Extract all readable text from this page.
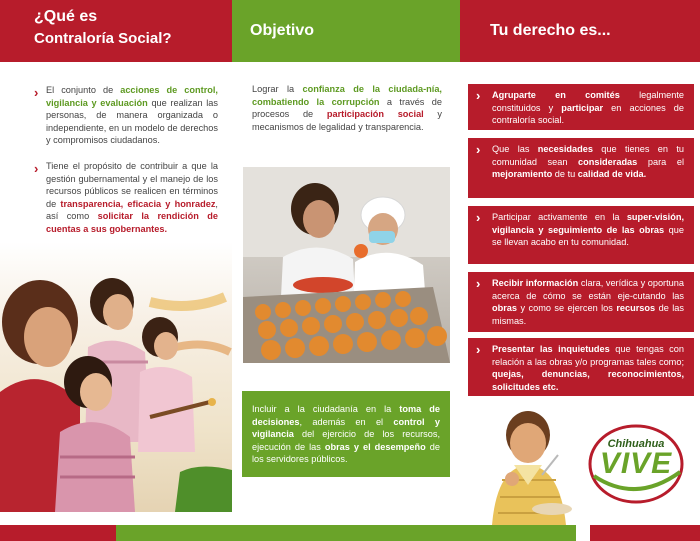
¿Qué es
Contraloría Social?
› El conjunto de acciones de control, vigilancia y evaluación que realizan las personas, de manera organizada o independiente, en un modelo de derechos y compromisos ciudadanos.
› Tiene el propósito de contribuir a que la gestión gubernamental y el manejo de los recursos públicos se realicen en términos de transparencia, eficacia y honradez, así como solicitar la rendición de cuentas a sus gobernantes.
Objetivo
Lograr la confianza de la ciudada-nía, combatiendo la corrupción a través de procesos de participación social y mecanismos de legalidad y transparencia.
Incluir a la ciudadanía en la toma de decisiones, además en el control y vigilancia del ejercicio de los recursos, ejecución de las obras y el desempeño de los servidores públicos.
Tu derecho es...
› Agruparte en comités legalmente constituidos y participar en acciones de contraloría social.
› Que las necesidades que tienes en tu comunidad sean consideradas para el mejoramiento de tu calidad de vida.
› Participar activamente en la super-visión, vigilancia y seguimiento de las obras que se llevan acabo en tu comunidad.
› Recibir información clara, verídica y oportuna acerca de cómo se están eje-cutando las obras y como se ejercen los recursos de las mismas.
› Presentar las inquietudes que tengas con relación a las obras y/o programas tales como; quejas, denuncias, reconocimientos, solicitudes etc.
Chihuahua
VIVE
